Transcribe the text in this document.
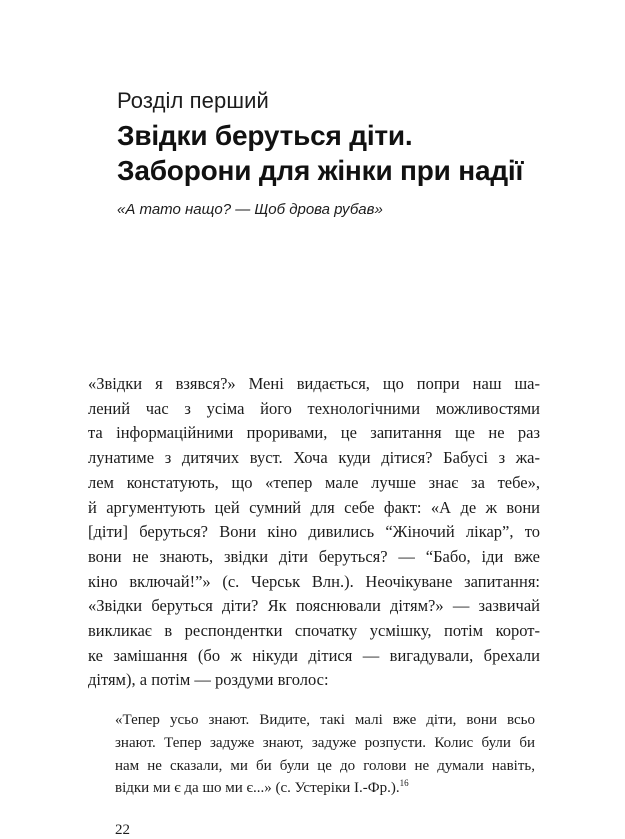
Розділ перший
Звідки беруться діти.
Заборони для жінки при надії
«А тато нащо? — Щоб дрова рубав»

«Звідки я взявся?» Мені видається, що попри наш ша-
лений час з усіма його технологічними можливостями
та інформаційними проривами, це запитання ще не раз
лунатиме з дитячих вуст. Хоча куди дітися? Бабусі з жа-
лем констатують, що «тепер мале лучше знає за тебе»,
й аргументують цей сумний для себе факт: «А де ж вони
[діти] беруться? Вони кіно дивились “Жіночий лікар”, то
вони не знають, звідки діти беруться? — “Бабо, іди вже
кіно включай!”» (с. Черськ Влн.). Неочікуване запитання:
«Звідки беруться діти? Як пояснювали дітям?» — зазвичай
викликає в респондентки спочатку усмішку, потім корот-
ке замішання (бо ж нікуди дітися — вигадували, брехали
дітям), а потім — роздуми вголос:

«Тепер усьо знают. Видите, такі малі вже діти, вони всьо
знают. Тепер задуже знают, задуже розпусти. Колис були би
нам не сказали, ми би були це до голови не думали навіть,
відки ми є да шо ми є...» (с. Устеріки І.-Фр.).$^{16}$
22
